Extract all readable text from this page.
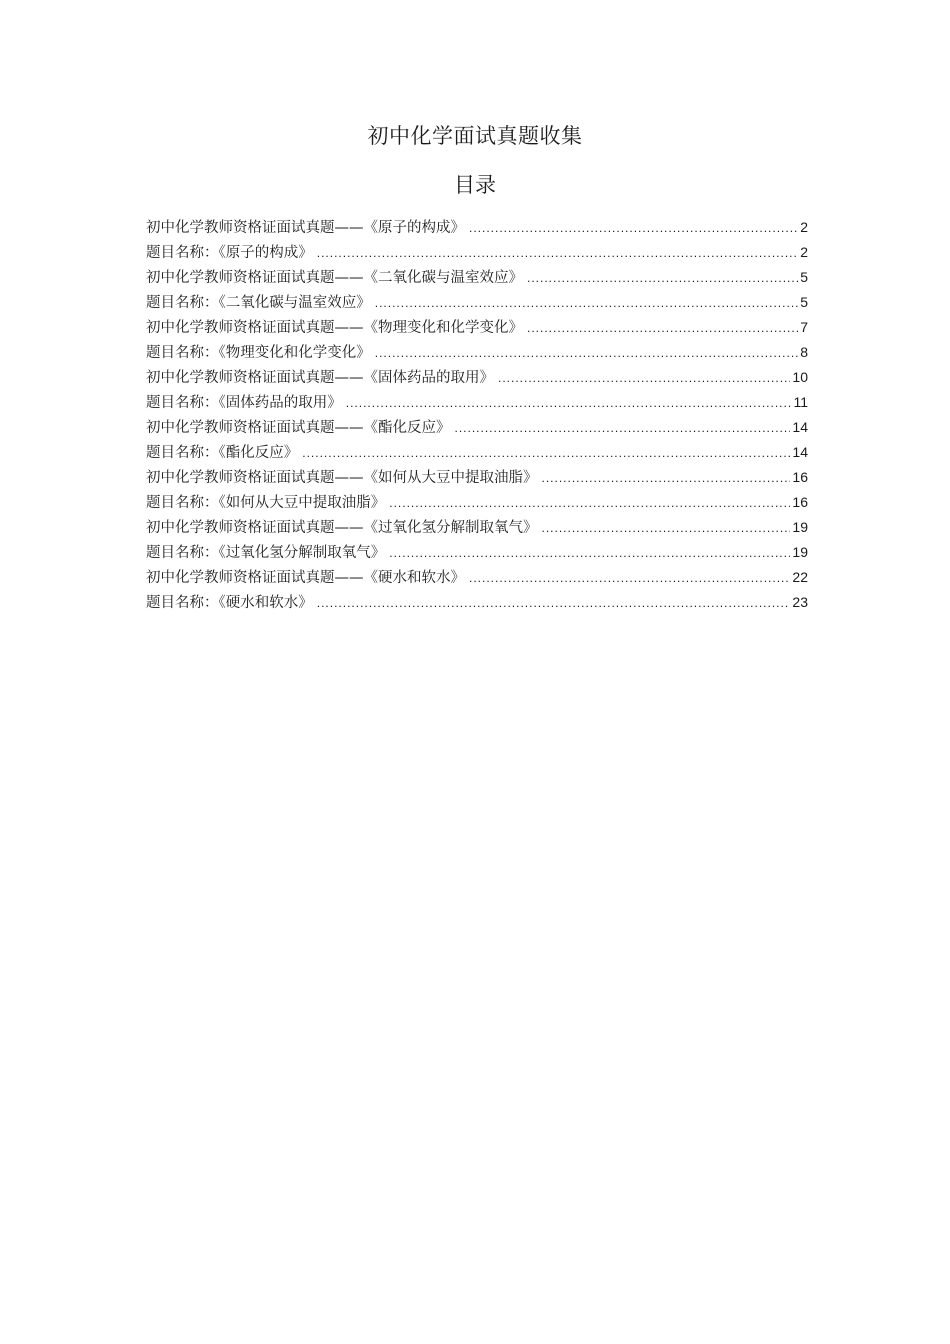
初中化学面试真题收集
目录
初中化学教师资格证面试真题——《原子的构成》 .....	2
题目名称：《原子的构成》 .....	2
初中化学教师资格证面试真题——《二氧化碳与温室效应》 .....	5
题目名称：《二氧化碳与温室效应》 .....	5
初中化学教师资格证面试真题——《物理变化和化学变化》 .....	7
题目名称：《物理变化和化学变化》 .....	8
初中化学教师资格证面试真题——《固体药品的取用》 .....	10
题目名称：《固体药品的取用》 .....	11
初中化学教师资格证面试真题——《酯化反应》 .....	14
题目名称：《酯化反应》 .....	14
初中化学教师资格证面试真题——《如何从大豆中提取油脂》 .....	16
题目名称：《如何从大豆中提取油脂》 .....	16
初中化学教师资格证面试真题——《过氧化氢分解制取氧气》 .....	19
题目名称：《过氧化氢分解制取氧气》 .....	19
初中化学教师资格证面试真题——《硬水和软水》 .....	22
题目名称：《硬水和软水》 .....	23
